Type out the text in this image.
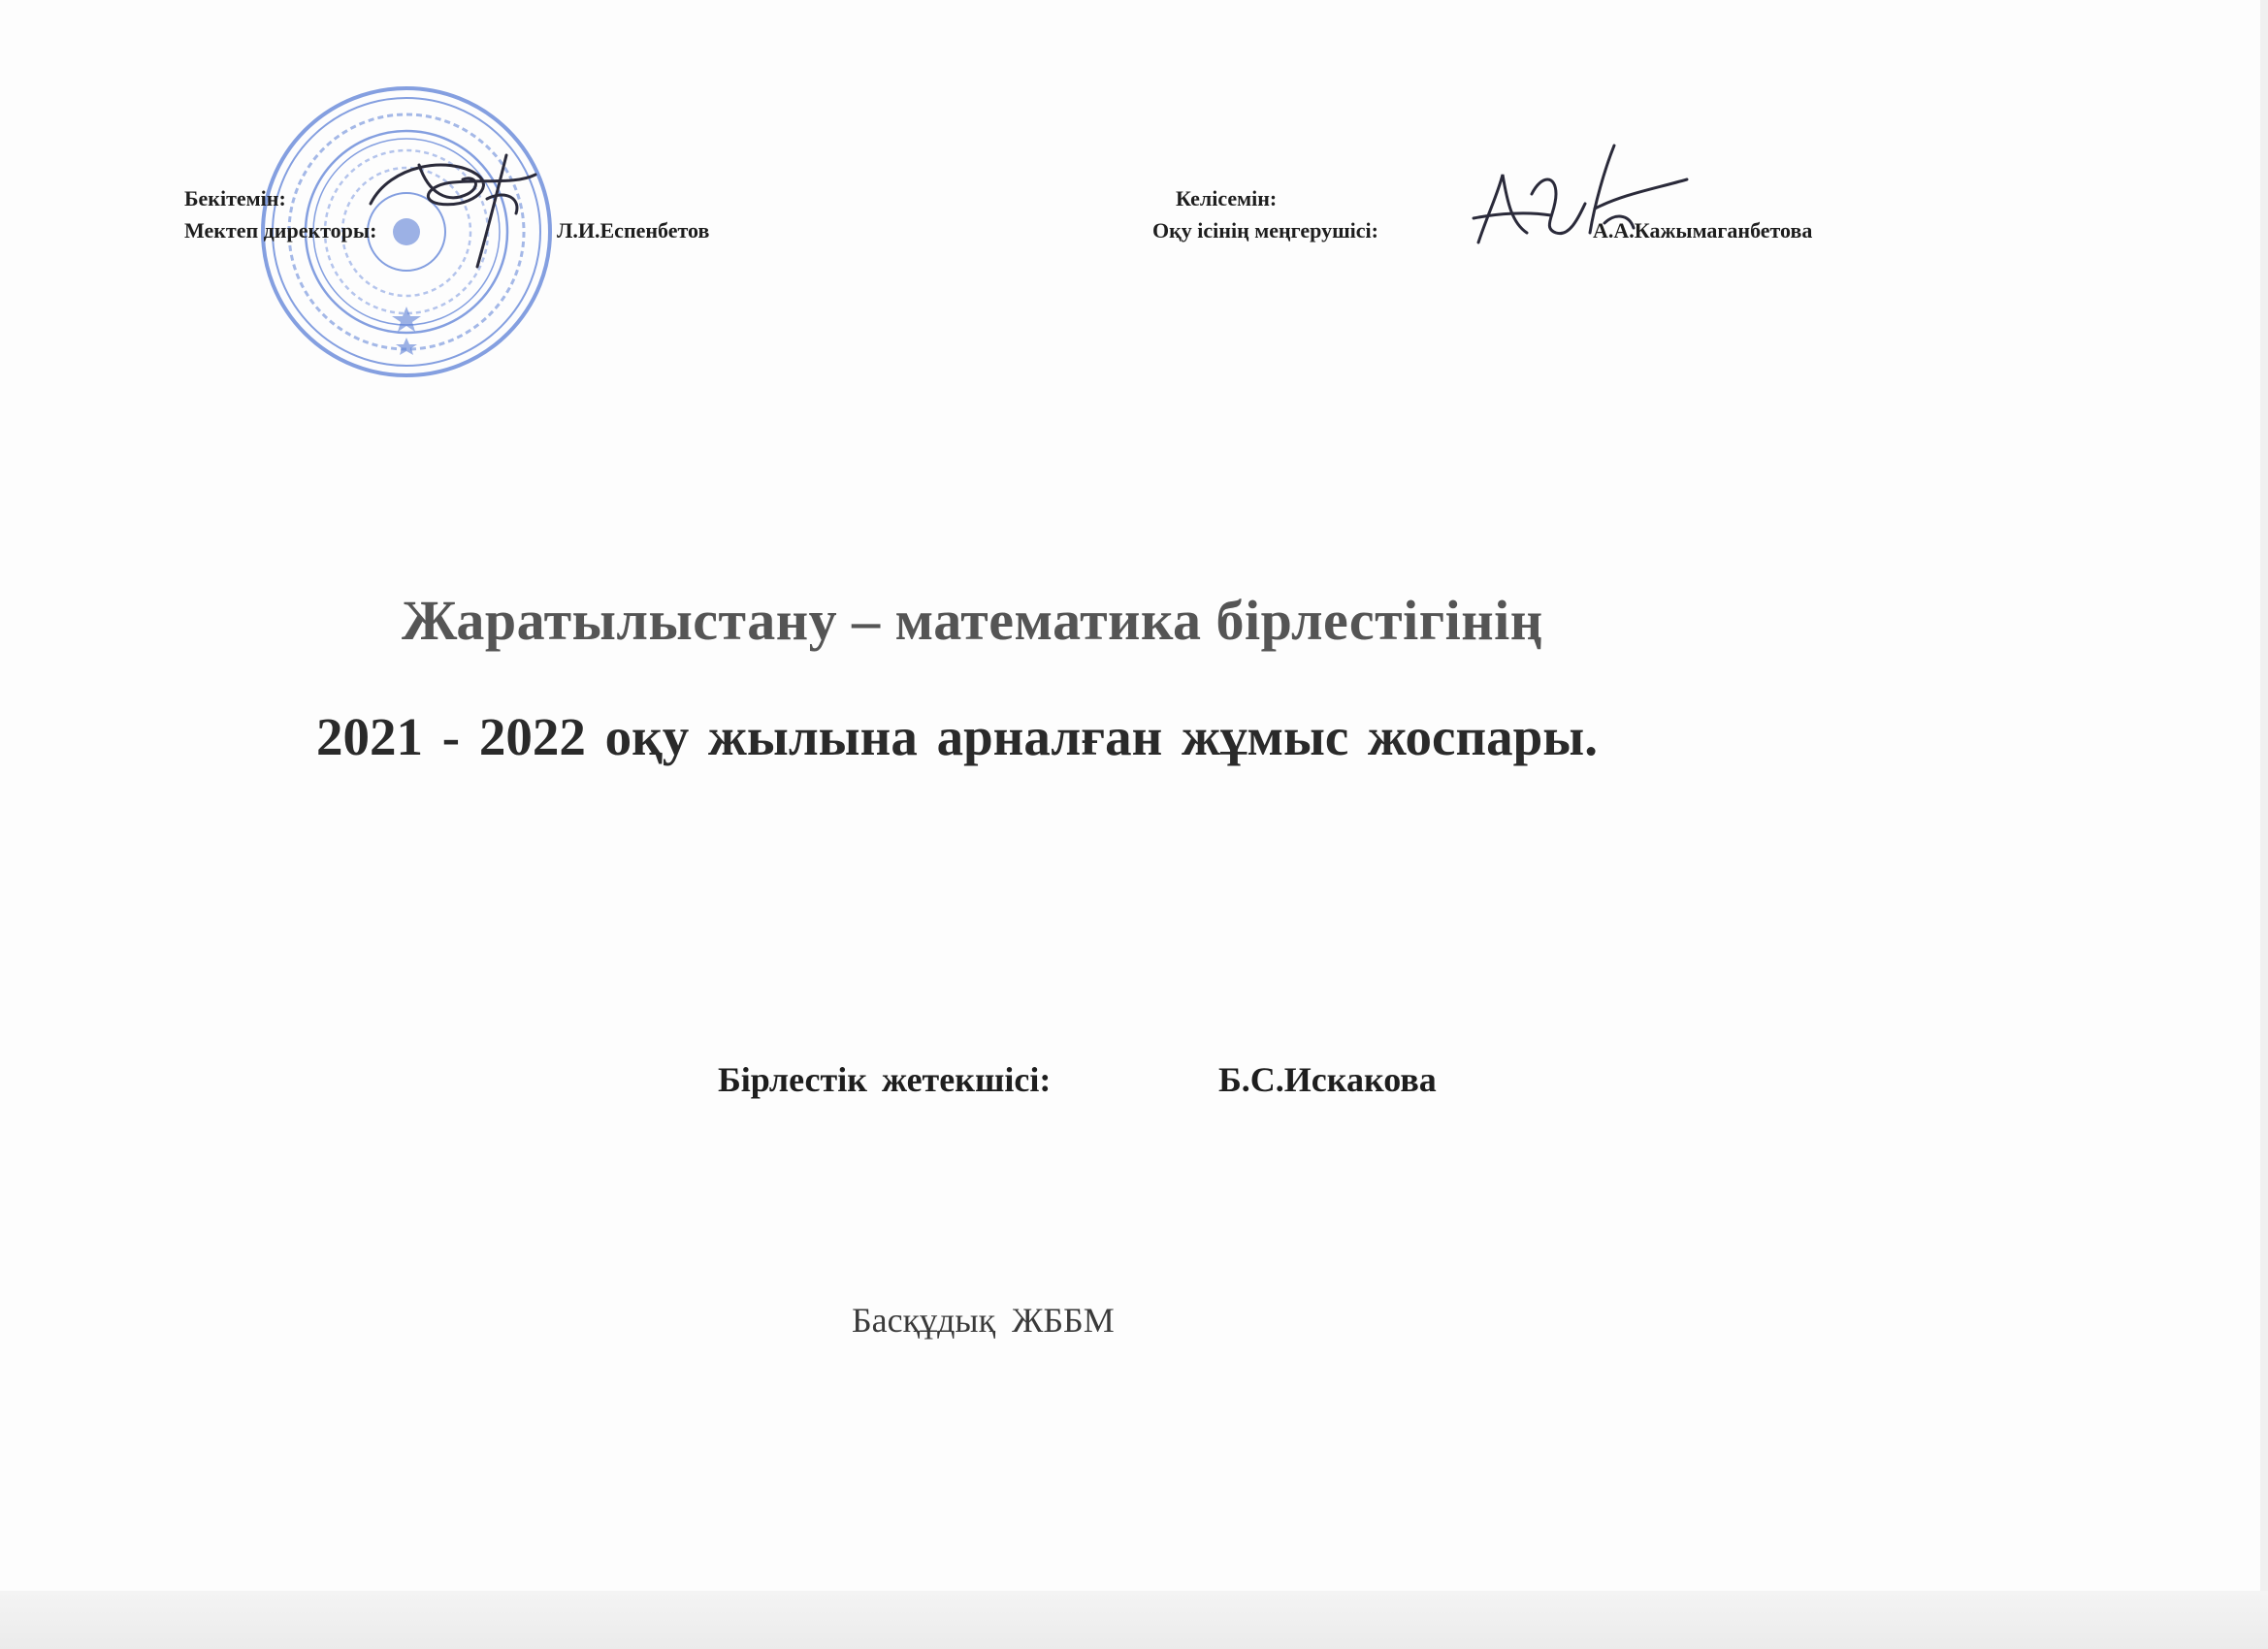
Бекітемін:
Мектеп директоры:	Л.И.Еспенбетов
Келісемін:
Оқу ісінің меңгерушісі:	А.А.Кажымаганбетова
Жаратылыстану – математика бірлестігінің
2021 - 2022 оқу жылына арналған жұмыс жоспары.
Бірлестік жетекшісі:	Б.С.Искакова
Басқұдық ЖББМ
